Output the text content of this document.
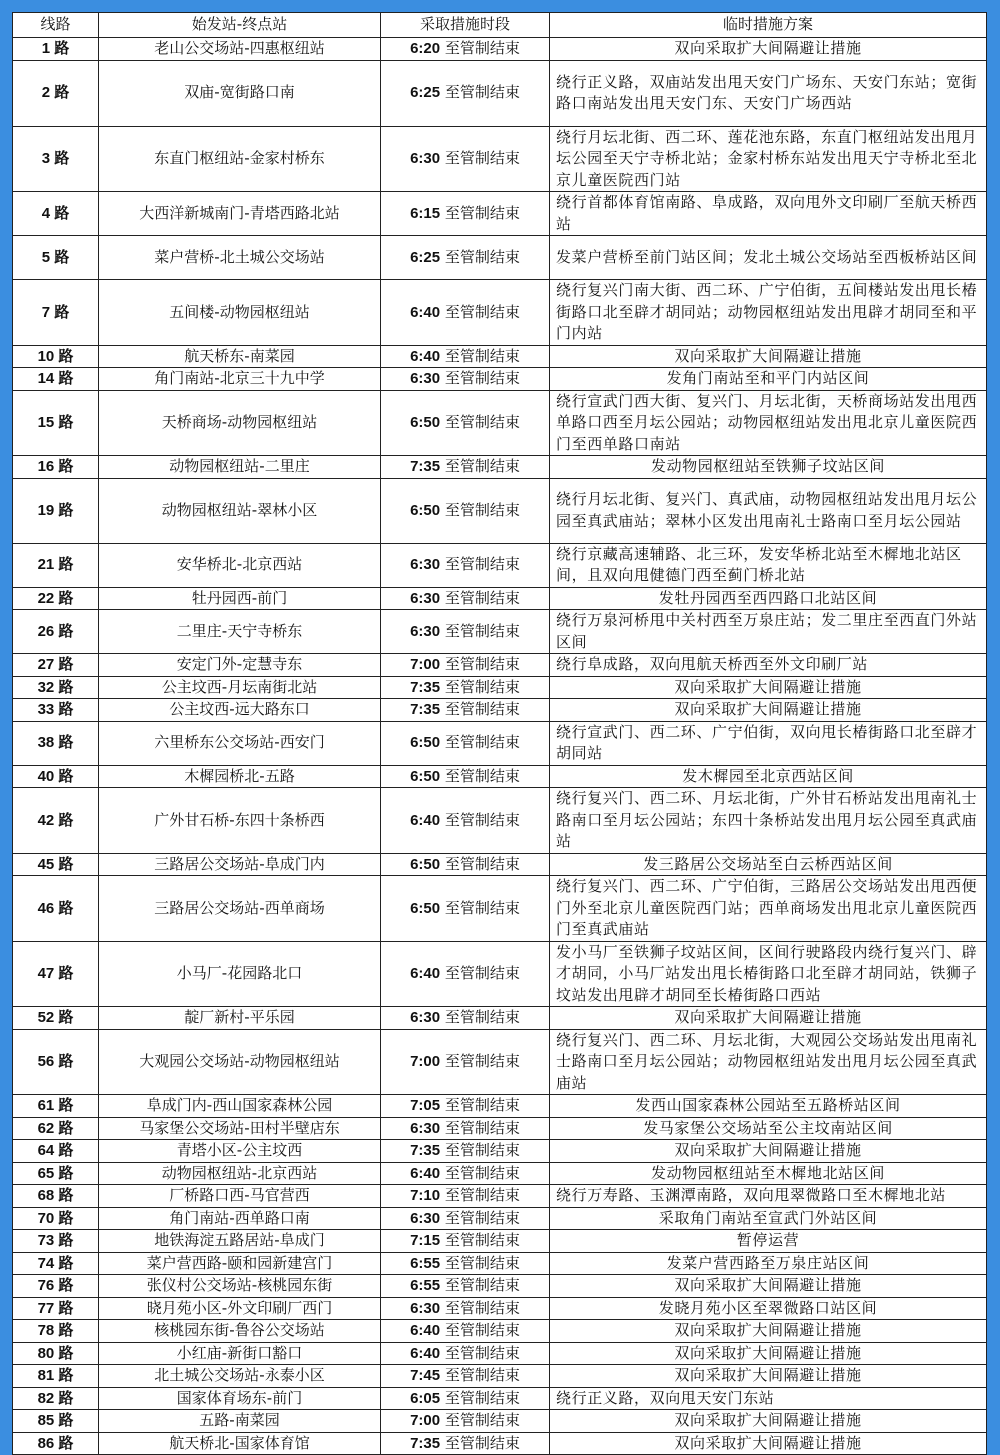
线路	始发站-终点站	采取措施时段	临时措施方案
1 路	老山公交场站-四惠枢纽站	6:20 至管制结束	双向采取扩大间隔避让措施
2 路	双庙-宽街路口南	6:25 至管制结束	绕行正义路，双庙站发出甩天安门广场东、天安门东站；宽街路口南站发出甩天安门东、天安门广场西站
3 路	东直门枢纽站-金家村桥东	6:30 至管制结束	绕行月坛北街、西二环、莲花池东路，东直门枢纽站发出甩月坛公园至天宁寺桥北站；金家村桥东站发出甩天宁寺桥北至北京儿童医院西门站
4 路	大西洋新城南门-青塔西路北站	6:15 至管制结束	绕行首都体育馆南路、阜成路，双向甩外文印刷厂至航天桥西站
5 路	菜户营桥-北土城公交场站	6:25 至管制结束	发菜户营桥至前门站区间；发北土城公交场站至西板桥站区间
7 路	五间楼-动物园枢纽站	6:40 至管制结束	绕行复兴门南大街、西二环、广宁伯街，五间楼站发出甩长椿街路口北至辟才胡同站；动物园枢纽站发出甩辟才胡同至和平门内站
10 路	航天桥东-南菜园	6:40 至管制结束	双向采取扩大间隔避让措施
14 路	角门南站-北京三十九中学	6:30 至管制结束	发角门南站至和平门内站区间
15 路	天桥商场-动物园枢纽站	6:50 至管制结束	绕行宣武门西大街、复兴门、月坛北街，天桥商场站发出甩西单路口西至月坛公园站；动物园枢纽站发出甩北京儿童医院西门至西单路口南站
16 路	动物园枢纽站-二里庄	7:35 至管制结束	发动物园枢纽站至铁狮子坟站区间
19 路	动物园枢纽站-翠林小区	6:50 至管制结束	绕行月坛北街、复兴门、真武庙，动物园枢纽站发出甩月坛公园至真武庙站；翠林小区发出甩南礼士路南口至月坛公园站
21 路	安华桥北-北京西站	6:30 至管制结束	绕行京藏高速辅路、北三环，发安华桥北站至木樨地北站区间，且双向甩健德门西至蓟门桥北站
22 路	牡丹园西-前门	6:30 至管制结束	发牡丹园西至西四路口北站区间
26 路	二里庄-天宁寺桥东	6:30 至管制结束	绕行万泉河桥甩中关村西至万泉庄站；发二里庄至西直门外站区间
27 路	安定门外-定慧寺东	7:00 至管制结束	绕行阜成路，双向甩航天桥西至外文印刷厂站
32 路	公主坟西-月坛南街北站	7:35 至管制结束	双向采取扩大间隔避让措施
33 路	公主坟西-远大路东口	7:35 至管制结束	双向采取扩大间隔避让措施
38 路	六里桥东公交场站-西安门	6:50 至管制结束	绕行宣武门、西二环、广宁伯街，双向甩长椿街路口北至辟才胡同站
40 路	木樨园桥北-五路	6:50 至管制结束	发木樨园至北京西站区间
42 路	广外甘石桥-东四十条桥西	6:40 至管制结束	绕行复兴门、西二环、月坛北街，广外甘石桥站发出甩南礼士路南口至月坛公园站；东四十条桥站发出甩月坛公园至真武庙站
45 路	三路居公交场站-阜成门内	6:50 至管制结束	发三路居公交场站至白云桥西站区间
46 路	三路居公交场站-西单商场	6:50 至管制结束	绕行复兴门、西二环、广宁伯街，三路居公交场站发出甩西便门外至北京儿童医院西门站；西单商场发出甩北京儿童医院西门至真武庙站
47 路	小马厂-花园路北口	6:40 至管制结束	发小马厂至铁狮子坟站区间，区间行驶路段内绕行复兴门、辟才胡同，小马厂站发出甩长椿街路口北至辟才胡同站，铁狮子坟站发出甩辟才胡同至长椿街路口西站
52 路	靛厂新村-平乐园	6:30 至管制结束	双向采取扩大间隔避让措施
56 路	大观园公交场站-动物园枢纽站	7:00 至管制结束	绕行复兴门、西二环、月坛北街，大观园公交场站发出甩南礼士路南口至月坛公园站；动物园枢纽站发出甩月坛公园至真武庙站
61 路	阜成门内-西山国家森林公园	7:05 至管制结束	发西山国家森林公园站至五路桥站区间
62 路	马家堡公交场站-田村半壁店东	6:30 至管制结束	发马家堡公交场站至公主坟南站区间
64 路	青塔小区-公主坟西	7:35 至管制结束	双向采取扩大间隔避让措施
65 路	动物园枢纽站-北京西站	6:40 至管制结束	发动物园枢纽站至木樨地北站区间
68 路	厂桥路口西-马官营西	7:10 至管制结束	绕行万寿路、玉渊潭南路，双向甩翠微路口至木樨地北站
70 路	角门南站-西单路口南	6:30 至管制结束	采取角门南站至宣武门外站区间
73 路	地铁海淀五路居站-阜成门	7:15 至管制结束	暂停运营
74 路	菜户营西路-颐和园新建宫门	6:55 至管制结束	发菜户营西路至万泉庄站区间
76 路	张仪村公交场站-核桃园东街	6:55 至管制结束	双向采取扩大间隔避让措施
77 路	晓月苑小区-外文印刷厂西门	6:30 至管制结束	发晓月苑小区至翠微路口站区间
78 路	核桃园东街-鲁谷公交场站	6:40 至管制结束	双向采取扩大间隔避让措施
80 路	小红庙-新街口豁口	6:40 至管制结束	双向采取扩大间隔避让措施
81 路	北土城公交场站-永泰小区	7:45 至管制结束	双向采取扩大间隔避让措施
82 路	国家体育场东-前门	6:05 至管制结束	绕行正义路，双向甩天安门东站
85 路	五路-南菜园	7:00 至管制结束	双向采取扩大间隔避让措施
86 路	航天桥北-国家体育馆	7:35 至管制结束	双向采取扩大间隔避让措施
